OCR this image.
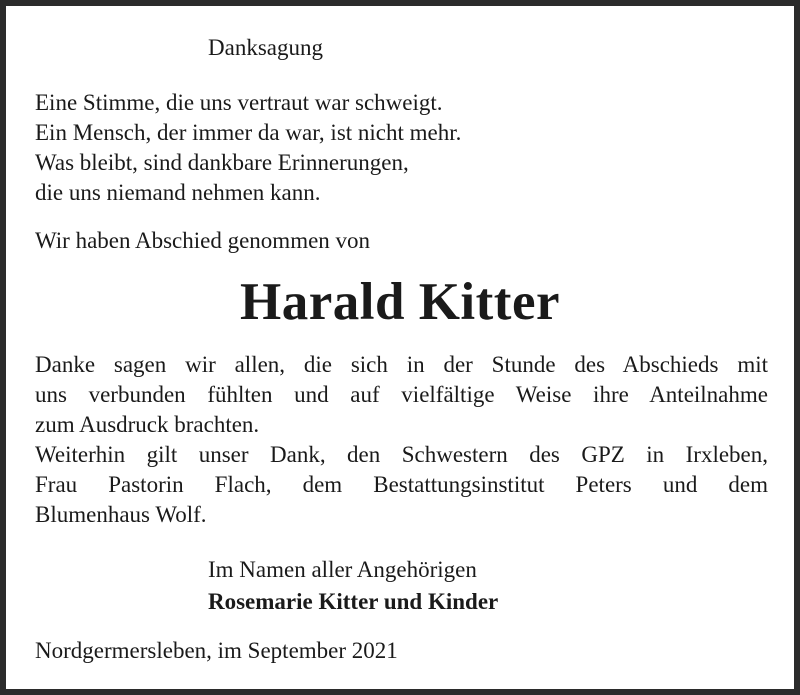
Danksagung
Eine Stimme, die uns vertraut war schweigt.
Ein Mensch, der immer da war, ist nicht mehr.
Was bleibt, sind dankbare Erinnerungen,
die uns niemand nehmen kann.
Wir haben Abschied genommen von
Harald Kitter
Danke sagen wir allen, die sich in der Stunde des Abschieds mit
uns verbunden fühlten und auf vielfältige Weise ihre Anteilnahme
zum Ausdruck brachten.
Weiterhin gilt unser Dank, den Schwestern des GPZ in Irxleben,
Frau Pastorin Flach, dem Bestattungsinstitut Peters und dem
Blumenhaus Wolf.
Im Namen aller Angehörigen
Rosemarie Kitter und Kinder
Nordgermersleben, im September 2021
